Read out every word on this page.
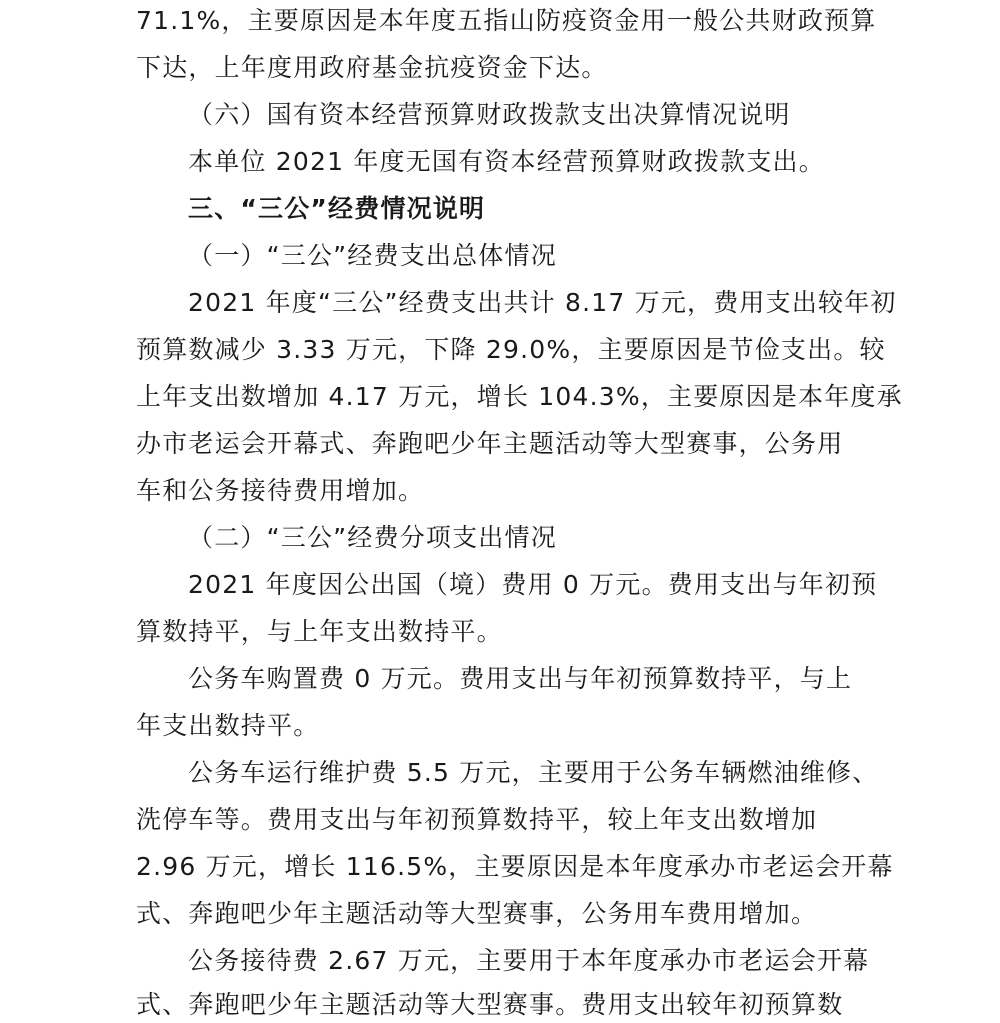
71.1%，主要原因是本年度五指山防疫资金用一般公共财政预算
下达，上年度用政府基金抗疫资金下达。
（六）国有资本经营预算财政拨款支出决算情况说明
本单位 2021 年度无国有资本经营预算财政拨款支出。
三、“三公”经费情况说明
（一）“三公”经费支出总体情况
2021 年度“三公”经费支出共计 8.17 万元，费用支出较年初
预算数减少 3.33 万元，下降 29.0%，主要原因是节俭支出。较
上年支出数增加 4.17 万元，增长 104.3%，主要原因是本年度承
办市老运会开幕式、奔跑吧少年主题活动等大型赛事，公务用
车和公务接待费用增加。
（二）“三公”经费分项支出情况
2021 年度因公出国（境）费用 0 万元。费用支出与年初预
算数持平，与上年支出数持平。
公务车购置费 0 万元。费用支出与年初预算数持平，与上
年支出数持平。
公务车运行维护费 5.5 万元，主要用于公务车辆燃油维修、
洗停车等。费用支出与年初预算数持平，较上年支出数增加
2.96 万元，增长 116.5%，主要原因是本年度承办市老运会开幕
式、奔跑吧少年主题活动等大型赛事，公务用车费用增加。
公务接待费 2.67 万元，主要用于本年度承办市老运会开幕
式、奔跑吧少年主题活动等大型赛事。费用支出较年初预算数
